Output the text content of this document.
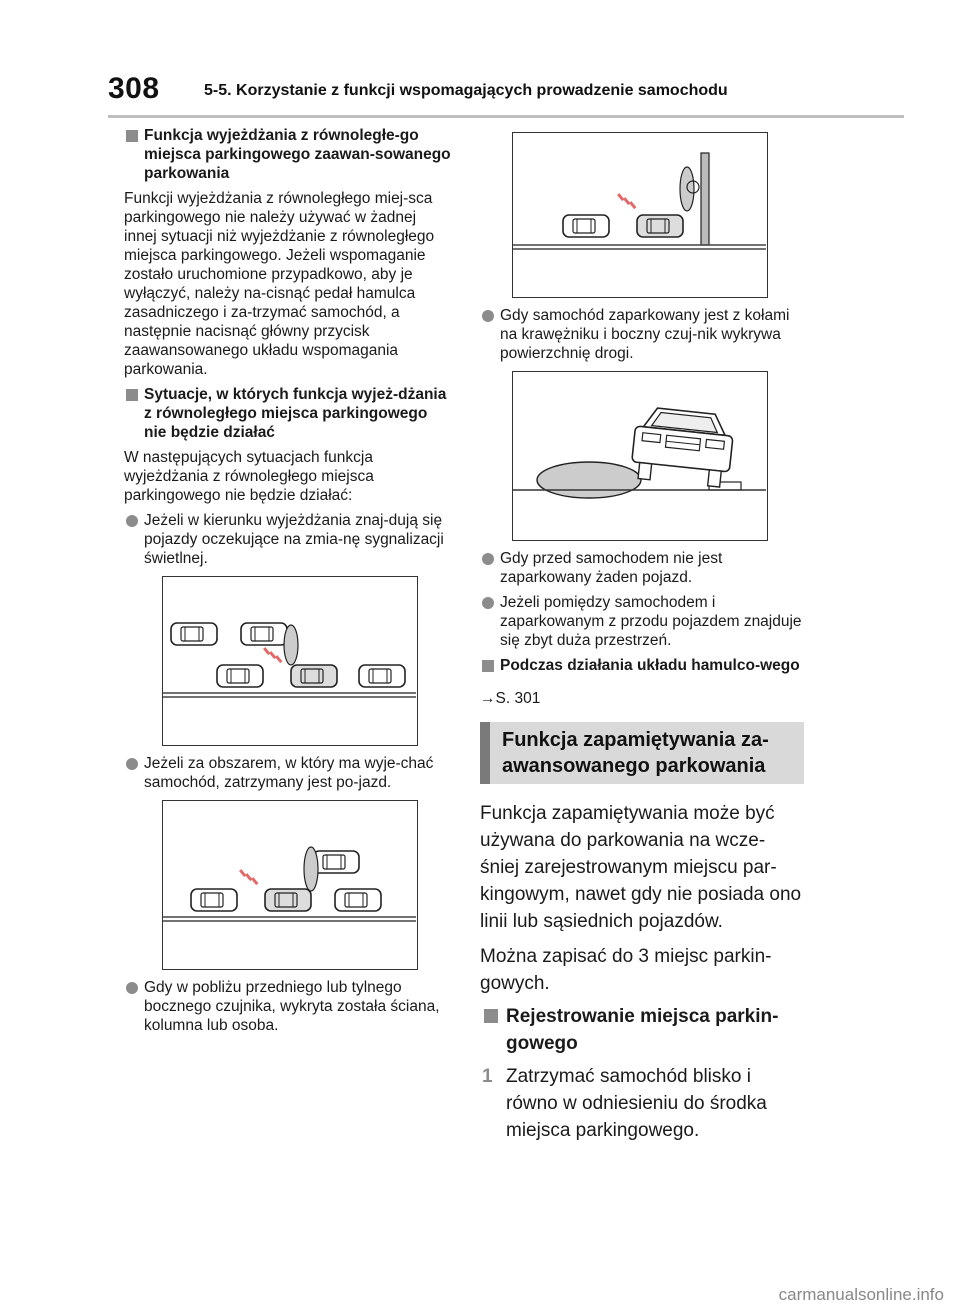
308	5-5. Korzystanie z funkcji wspomagających prowadzenie samochodu
Funkcja wyjeżdżania z równoległe-go miejsca parkingowego zaawan-sowanego parkowania

Funkcji wyjeżdżania z równoległego miej-sca parkingowego nie należy używać w żadnej innej sytuacji niż wyjeżdżanie z równoległego miejsca parkingowego. Jeżeli wspomaganie zostało uruchomione przypadkowo, aby je wyłączyć, należy na-cisnąć pedał hamulca zasadniczego i za-trzymać samochód, a następnie nacisnąć główny przycisk zaawansowanego układu wspomagania parkowania.

Sytuacje, w których funkcja wyjeż-dżania z równoległego miejsca parkingowego nie będzie działać

W następujących sytuacjach funkcja wyjeżdżania z równoległego miejsca parkingowego nie będzie działać:

Jeżeli w kierunku wyjeżdżania znaj-dują się pojazdy oczekujące na zmia-nę sygnalizacji świetlnej.
Jeżeli za obszarem, w który ma wyje-chać samochód, zatrzymany jest po-jazd.
Gdy w pobliżu przedniego lub tylnego bocznego czujnika, wykryta została ściana, kolumna lub osoba.
Gdy samochód zaparkowany jest z kołami na krawężniku i boczny czuj-nik wykrywa powierzchnię drogi.
Gdy przed samochodem nie jest zaparkowany żaden pojazd.
Jeżeli pomiędzy samochodem i zaparkowanym z przodu pojazdem znajduje się zbyt duża przestrzeń.
Podczas działania układu hamulco-wego

→S. 301

Funkcja zapamiętywania za-
awansowanego parkowania

Funkcja zapamiętywania może być używana do parkowania na wcze-śniej zarejestrowanym miejscu par-kingowym, nawet gdy nie posiada ono linii lub sąsiednich pojazdów.

Można zapisać do 3 miejsc parkin-gowych.

Rejestrowanie miejsca parkin-gowego
1 Zatrzymać samochód blisko i równo w odniesieniu do środka miejsca parkingowego.
carmanualsonline.info
